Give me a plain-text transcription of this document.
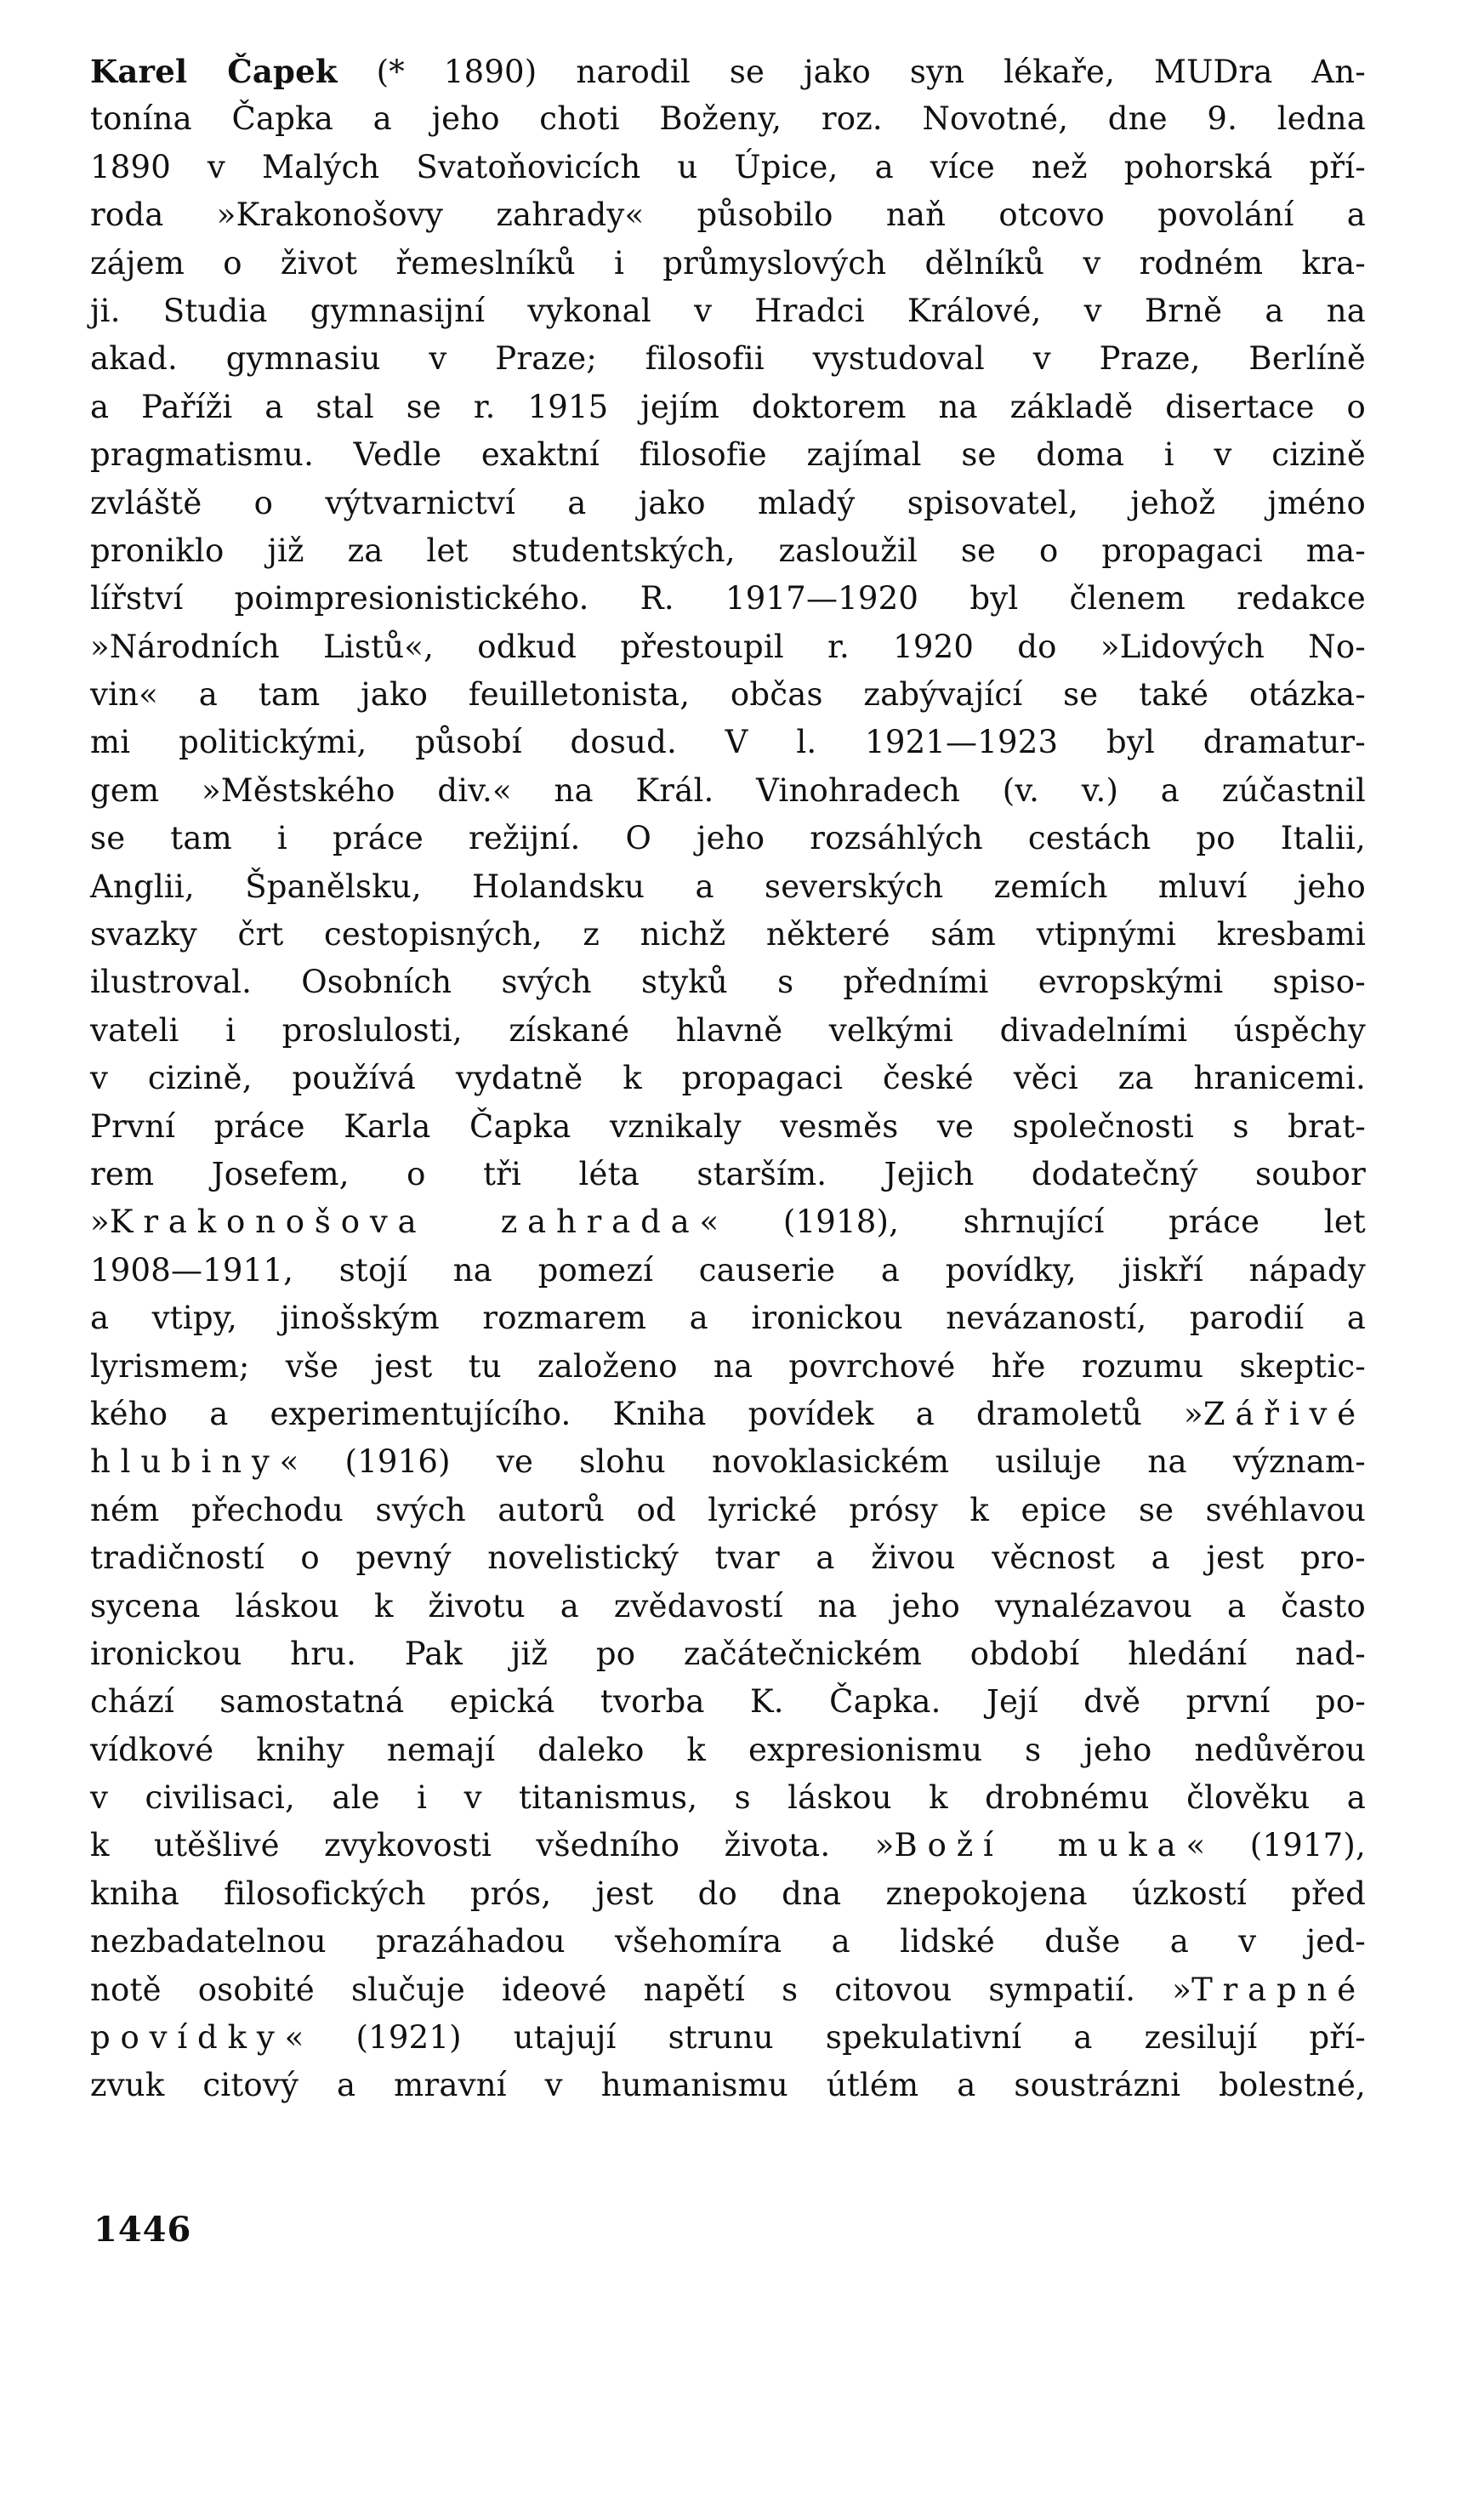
Karel Čapek (* 1890) narodil se jako syn lékaře, MUDra An-
tonína Čapka a jeho choti Boženy, roz. Novotné, dne 9. ledna
1890 v Malých Svatoňovicích u Úpice, a více než pohorská pří-
roda »Krakonošovy zahrady« působilo naň otcovo povolání a
zájem o život řemeslníků i průmyslových dělníků v rodném kra-
ji. Studia gymnasijní vykonal v Hradci Králové, v Brně a na
akad. gymnasiu v Praze; filosofii vystudoval v Praze, Berlíně
a Paříži a stal se r. 1915 jejím doktorem na základě disertace o
pragmatismu. Vedle exaktní filosofie zajímal se doma i v cizině
zvláště o výtvarnictví a jako mladý spisovatel, jehož jméno
proniklo již za let studentských, zasloužil se o propagaci ma-
lířství poimpresionistického. R. 1917—1920 byl členem redakce
»Národních Listů«, odkud přestoupil r. 1920 do »Lidových No-
vin« a tam jako feuilletonista, občas zabývající se také otázka-
mi politickými, působí dosud. V l. 1921—1923 byl dramatur-
gem »Městského div.« na Král. Vinohradech (v. v.) a zúčastnil
se tam i práce režijní. O jeho rozsáhlých cestách po Italii,
Anglii, Španělsku, Holandsku a severských zemích mluví jeho
svazky črt cestopisných, z nichž některé sám vtipnými kresbami
ilustroval. Osobních svých styků s předními evropskými spiso-
vateli i proslulosti, získané hlavně velkými divadelními úspěchy
v cizině, používá vydatně k propagaci české věci za hranicemi.
První práce Karla Čapka vznikaly vesměs ve společnosti s brat-
rem Josefem, o tři léta starším. Jejich dodatečný soubor
»Krakonošova zahrada« (1918), shrnující práce let
1908—1911, stojí na pomezí causerie a povídky, jiskří nápady
a vtipy, jinošským rozmarem a ironickou nevázaností, parodií a
lyrismem; vše jest tu založeno na povrchové hře rozumu skeptic-
kého a experimentujícího. Kniha povídek a dramoletů »Zářivé
hlubiny« (1916) ve slohu novoklasickém usiluje na význam-
ném přechodu svých autorů od lyrické prósy k epice se svéhlavou
tradičností o pevný novelistický tvar a živou věcnost a jest pro-
sycena láskou k životu a zvědavostí na jeho vynalézavou a často
ironickou hru. Pak již po začátečnickém období hledání nad-
chází samostatná epická tvorba K. Čapka. Její dvě první po-
vídkové knihy nemají daleko k expresionismu s jeho nedůvěrou
v civilisaci, ale i v titanismus, s láskou k drobnému člověku a
k utěšlivé zvykovosti všedního života. »Boží muka« (1917),
kniha filosofických prós, jest do dna znepokojena úzkostí před
nezbadatelnou prazáhadou všehomíra a lidské duše a v jed-
notě osobité slučuje ideové napětí s citovou sympatií. »Trapné
povídky« (1921) utajují strunu spekulativní a zesilují pří-
zvuk citový a mravní v humanismu útlém a soustrázni bolestné,
1446
